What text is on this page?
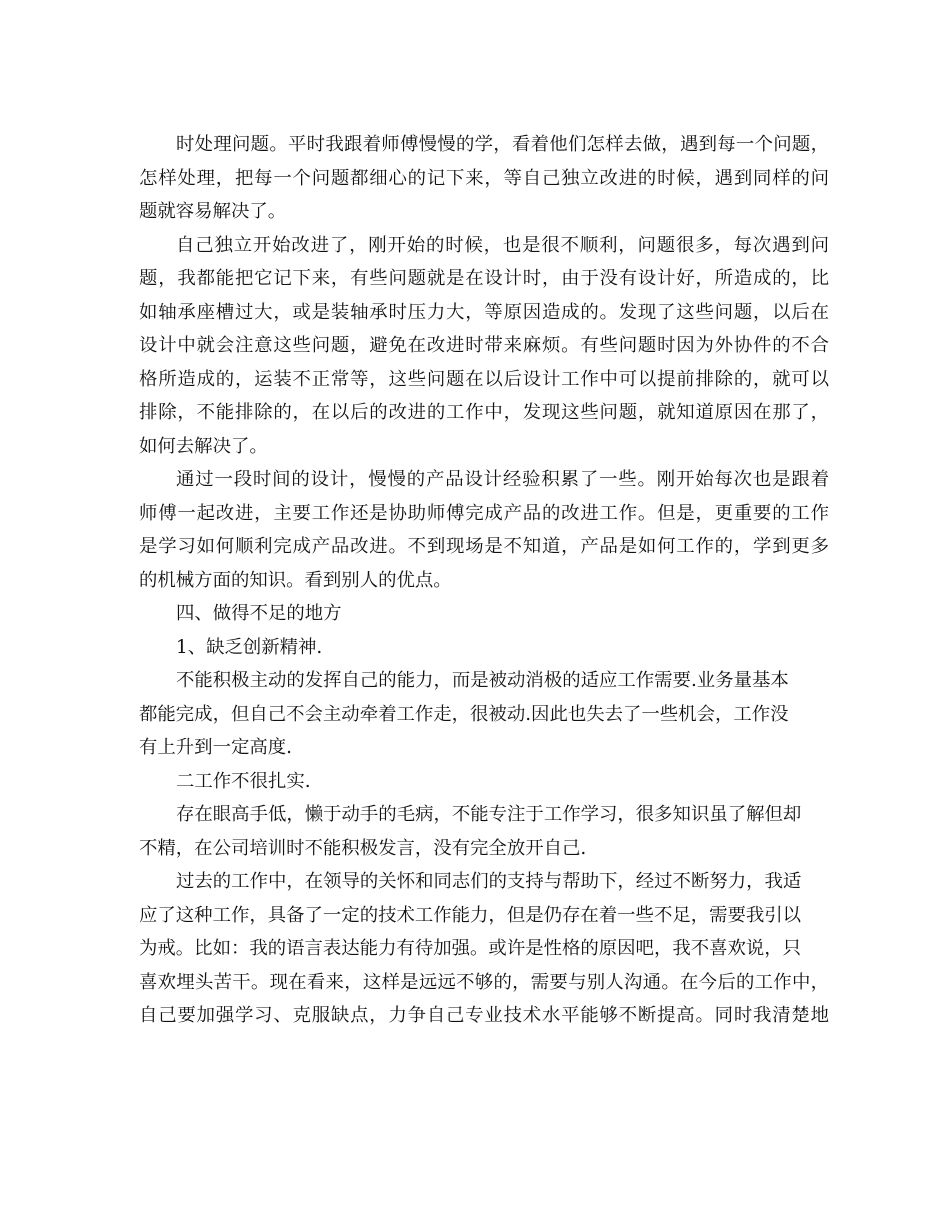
时处理问题。平时我跟着师傅慢慢的学，看着他们怎样去做，遇到每一个问题，
怎样处理，把每一个问题都细心的记下来，等自己独立改进的时候，遇到同样的问
题就容易解决了。
自己独立开始改进了，刚开始的时候，也是很不顺利，问题很多，每次遇到问
题，我都能把它记下来，有些问题就是在设计时，由于没有设计好，所造成的，比
如轴承座槽过大，或是装轴承时压力大，等原因造成的。发现了这些问题，以后在
设计中就会注意这些问题，避免在改进时带来麻烦。有些问题时因为外协件的不合
格所造成的，运装不正常等，这些问题在以后设计工作中可以提前排除的，就可以
排除，不能排除的，在以后的改进的工作中，发现这些问题，就知道原因在那了，
如何去解决了。
通过一段时间的设计，慢慢的产品设计经验积累了一些。刚开始每次也是跟着
师傅一起改进，主要工作还是协助师傅完成产品的改进工作。但是，更重要的工作
是学习如何顺利完成产品改进。不到现场是不知道，产品是如何工作的，学到更多
的机械方面的知识。看到别人的优点。
四、做得不足的地方
1、缺乏创新精神.
不能积极主动的发挥自己的能力，而是被动消极的适应工作需要.业务量基本
都能完成，但自己不会主动牵着工作走，很被动.因此也失去了一些机会，工作没
有上升到一定高度.
二工作不很扎实.
存在眼高手低，懒于动手的毛病，不能专注于工作学习，很多知识虽了解但却
不精，在公司培训时不能积极发言，没有完全放开自己.
过去的工作中，在领导的关怀和同志们的支持与帮助下，经过不断努力，我适
应了这种工作，具备了一定的技术工作能力，但是仍存在着一些不足，需要我引以
为戒。比如：我的语言表达能力有待加强。或许是性格的原因吧，我不喜欢说，只
喜欢埋头苦干。现在看来，这样是远远不够的，需要与别人沟通。在今后的工作中，
自己要加强学习、克服缺点，力争自己专业技术水平能够不断提高。同时我清楚地
